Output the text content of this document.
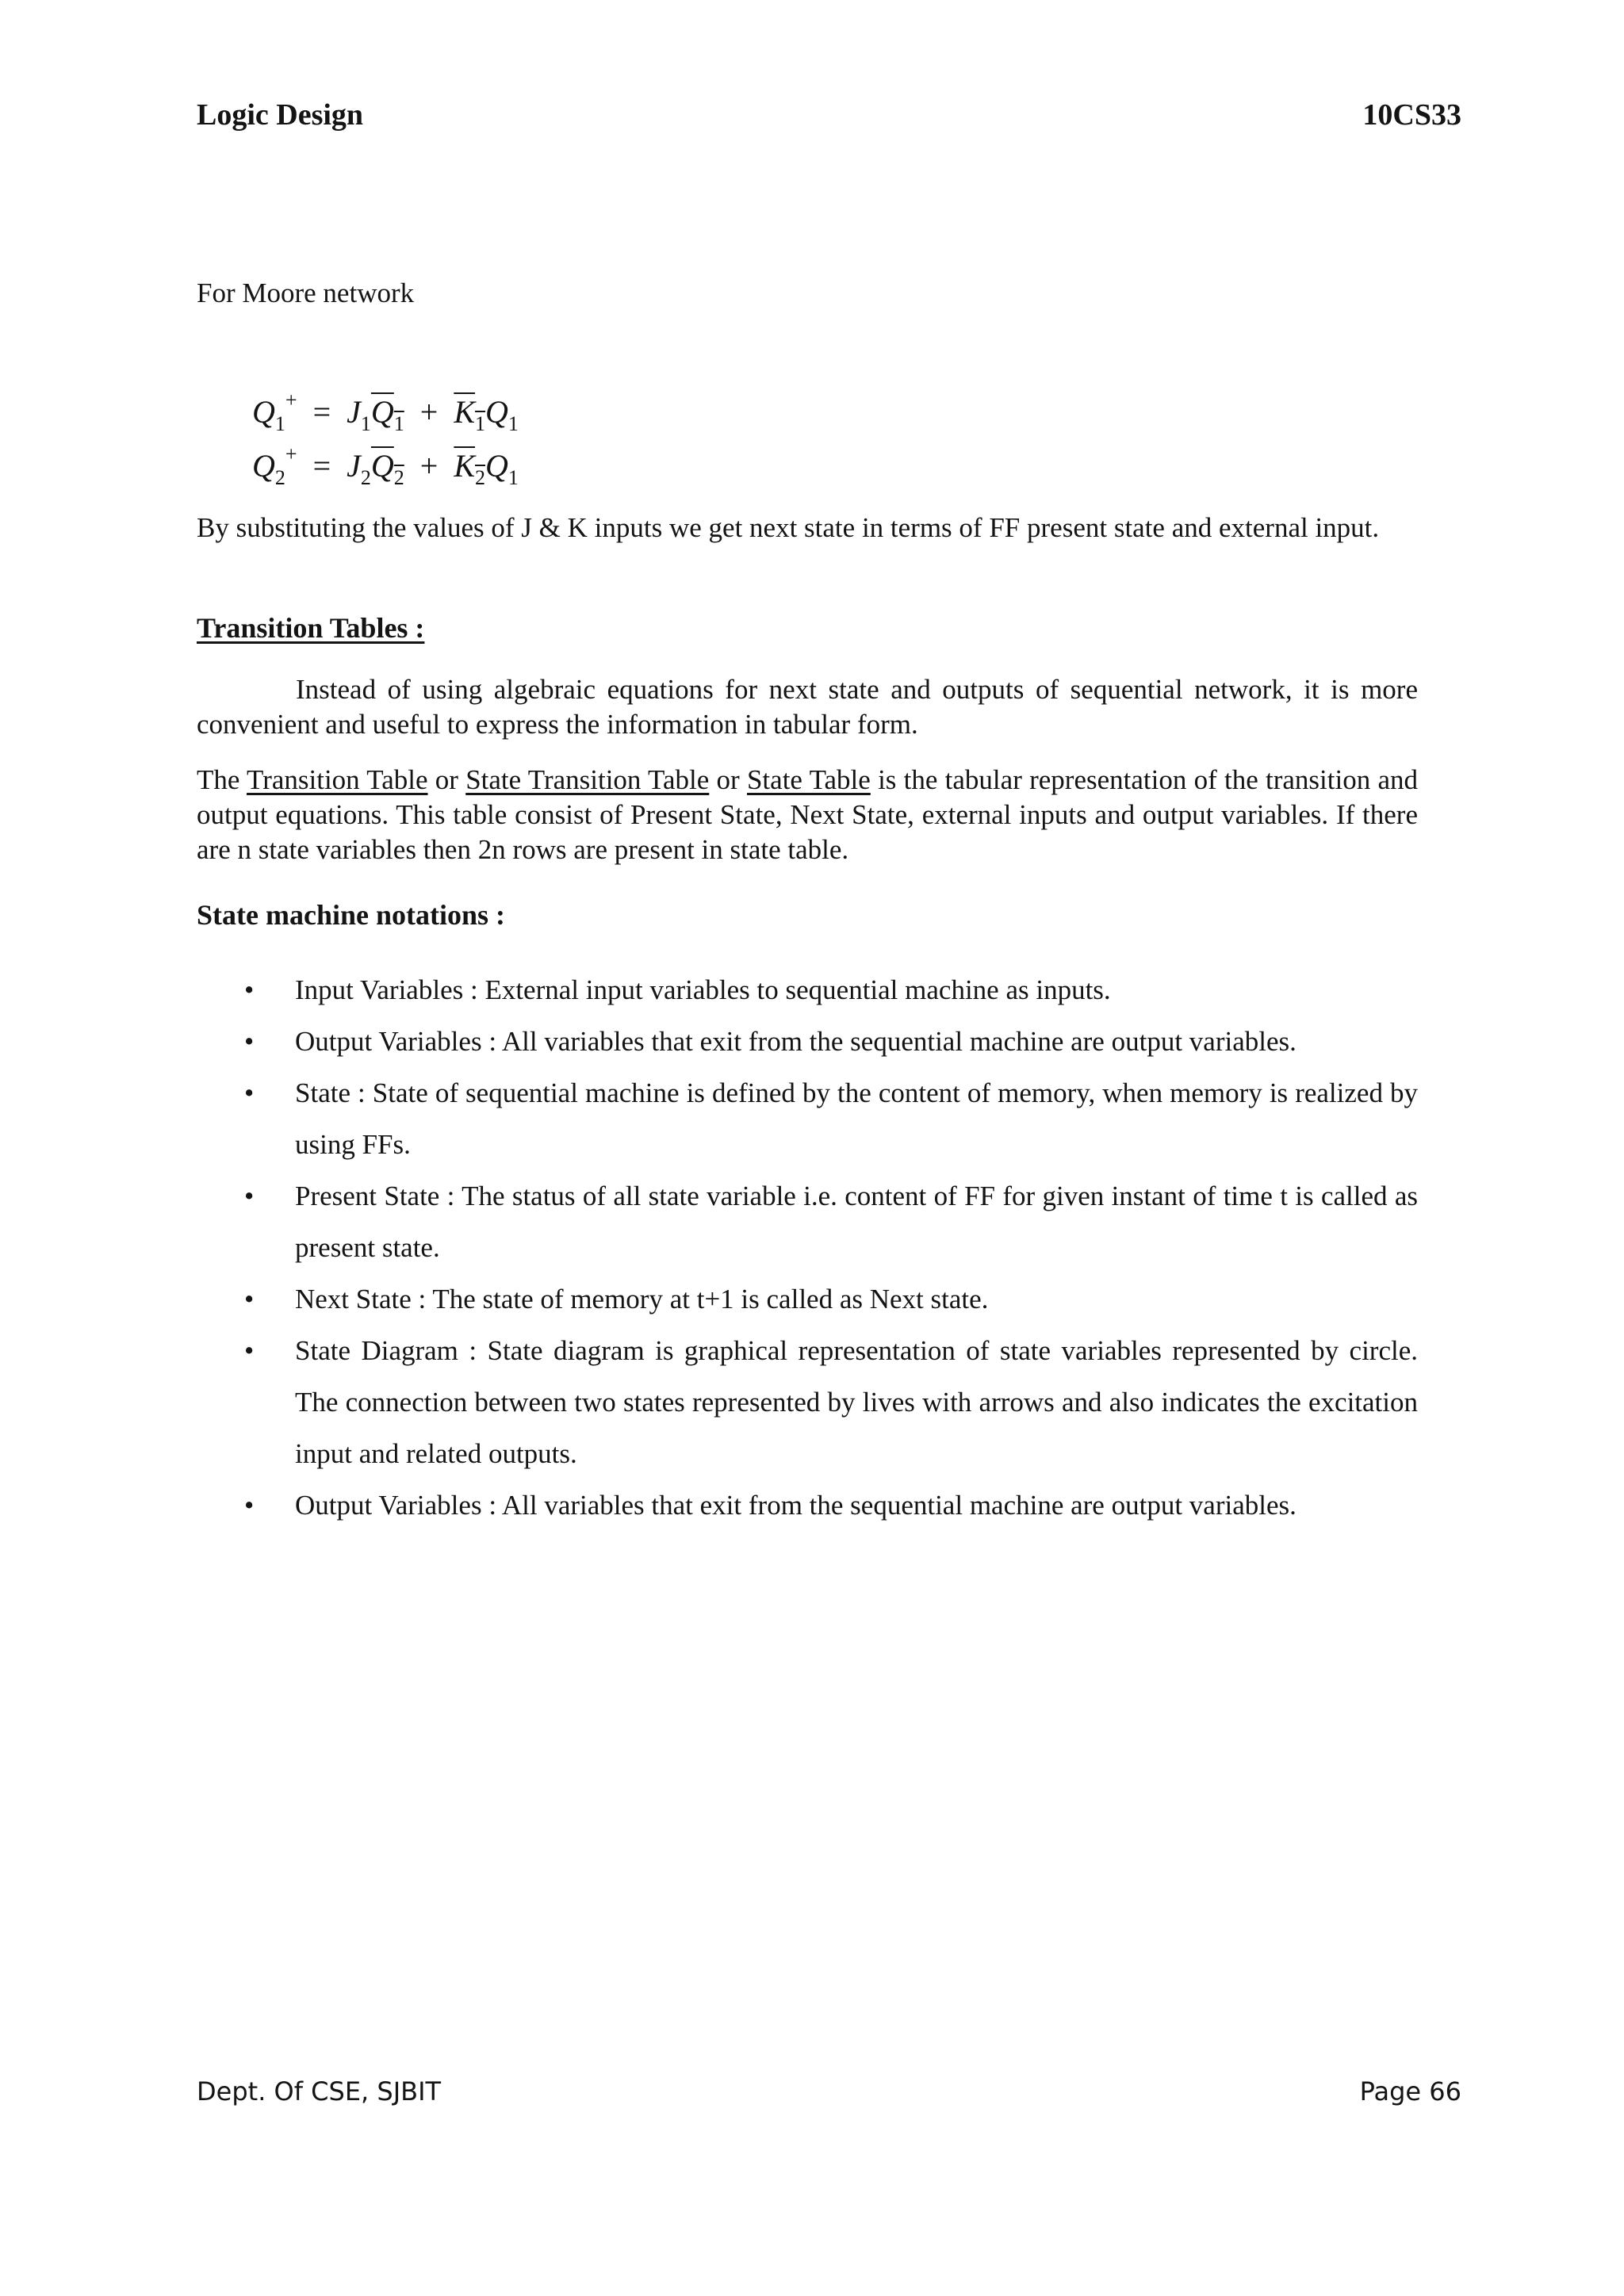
Logic Design	10CS33
For Moore network
$Q_1^+ = J_1Q_1 + K_1Q_1$
$Q_2^+ = J_2Q_2 + K_2Q_1$
By substituting the values of J & K inputs we get next state in terms of FF present state and external input.
Transition Tables :
Instead of using algebraic equations for next state and outputs of sequential network, it is more convenient and useful to express the information in tabular form.
The Transition Table or State Transition Table or State Table is the tabular representation of the transition and output equations. This table consist of Present State, Next State, external inputs and output variables. If there are n state variables then 2n rows are present in state table.
State machine notations :
• Input Variables : External input variables to sequential machine as inputs.
• Output Variables : All variables that exit from the sequential machine are output variables.
• State : State of sequential machine is defined by the content of memory, when memory is realized by using FFs.
• Present State : The status of all state variable i.e. content of FF for given instant of time t is called as present state.
• Next State : The state of memory at t+1 is called as Next state.
• State Diagram : State diagram is graphical representation of state variables represented by circle. The connection between two states represented by lives with arrows and also indicates the excitation input and related outputs.
• Output Variables : All variables that exit from the sequential machine are output variables.
Dept. Of CSE, SJBIT	Page 66
